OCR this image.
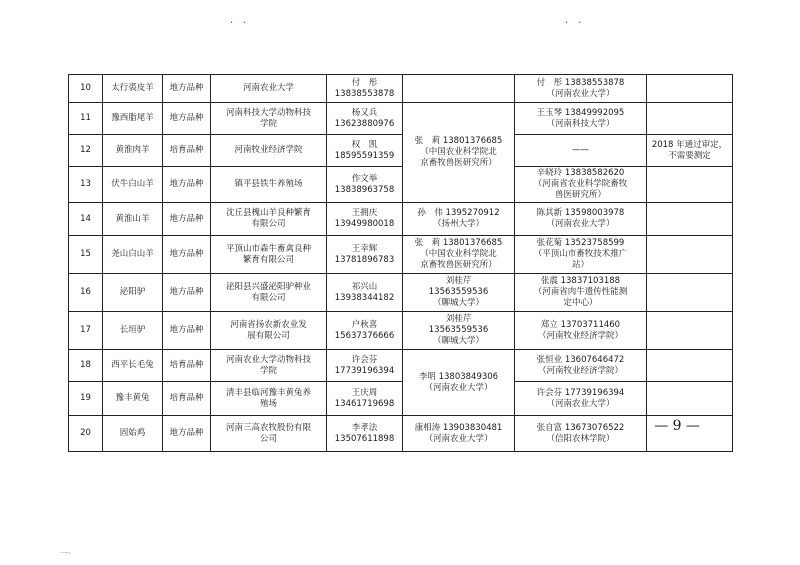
·　·	·　·
10	太行裘皮羊	地方品种	河南农业大学	付　彤
13838553878		付　彤 13838553878
（河南农业大学）	
11	豫西脂尾羊	地方品种	河南科技大学动物科技
学院	杨又兵
13623880976	张　莉 13801376685
（中国农业科学院北
京畜牧兽医研究所）	王玉琴 13849992095
（河南科技大学）	
12	黄淮肉羊	培育品种	河南牧业经济学院	权　凯
18595591359		——	2018 年通过审定，
不需要测定
13	伏牛白山羊	地方品种	镇平县铁牛养殖场	作文举
13838963758		辛晓玲 13838582620
（河南省农业科学院畜牧
兽医研究所）	
14	黄淮山羊	地方品种	沈丘县槐山羊良种繁育
有限公司	王拥庆
13949980018	孙　伟 1395270912
（扬州大学）	陈其新 13598003978
（河南农业大学）	
15	尧山白山羊	地方品种	平顶山市森牛畜禽良种
繁育有限公司	王幸辉
13781896783	张　莉 13801376685
（中国农业科学院北
京畜牧兽医研究所）	张花菊 13523758599
（平顶山市畜牧技术推广
站）	
16	泌阳驴	地方品种	泌阳县兴盛泌阳驴种业
有限公司	祁兴山
13938344182	刘桂芹
13563559536
（聊城大学）	张震 13837103188
（河南省肉牛遗传性能测
定中心）	
17	长垣驴	地方品种	河南省扬农新农业发
展有限公司	户秋喜
15637376666	刘桂芹
13563559536
（聊城大学）	郑立 13703711460
（河南牧业经济学院）	
18	西平长毛兔	培育品种	河南农业大学动物科技
学院	许会芬
17739196394	李明 13803849306
（河南农业大学）	张恒业 13607646472
（河南牧业经济学院）	
19	豫丰黄兔	培育品种	清丰县临河豫丰黄兔养
殖场	王庆周
13461719698		许会芬 17739196394
（河南农业大学）	
20	固始鸡	地方品种	河南三高农牧股份有限
公司	李孝法
13507611898	康相涛 13903830481
（河南农业大学）	张自富 13673076522
（信阳农林学院）	
— 9 —
一·
